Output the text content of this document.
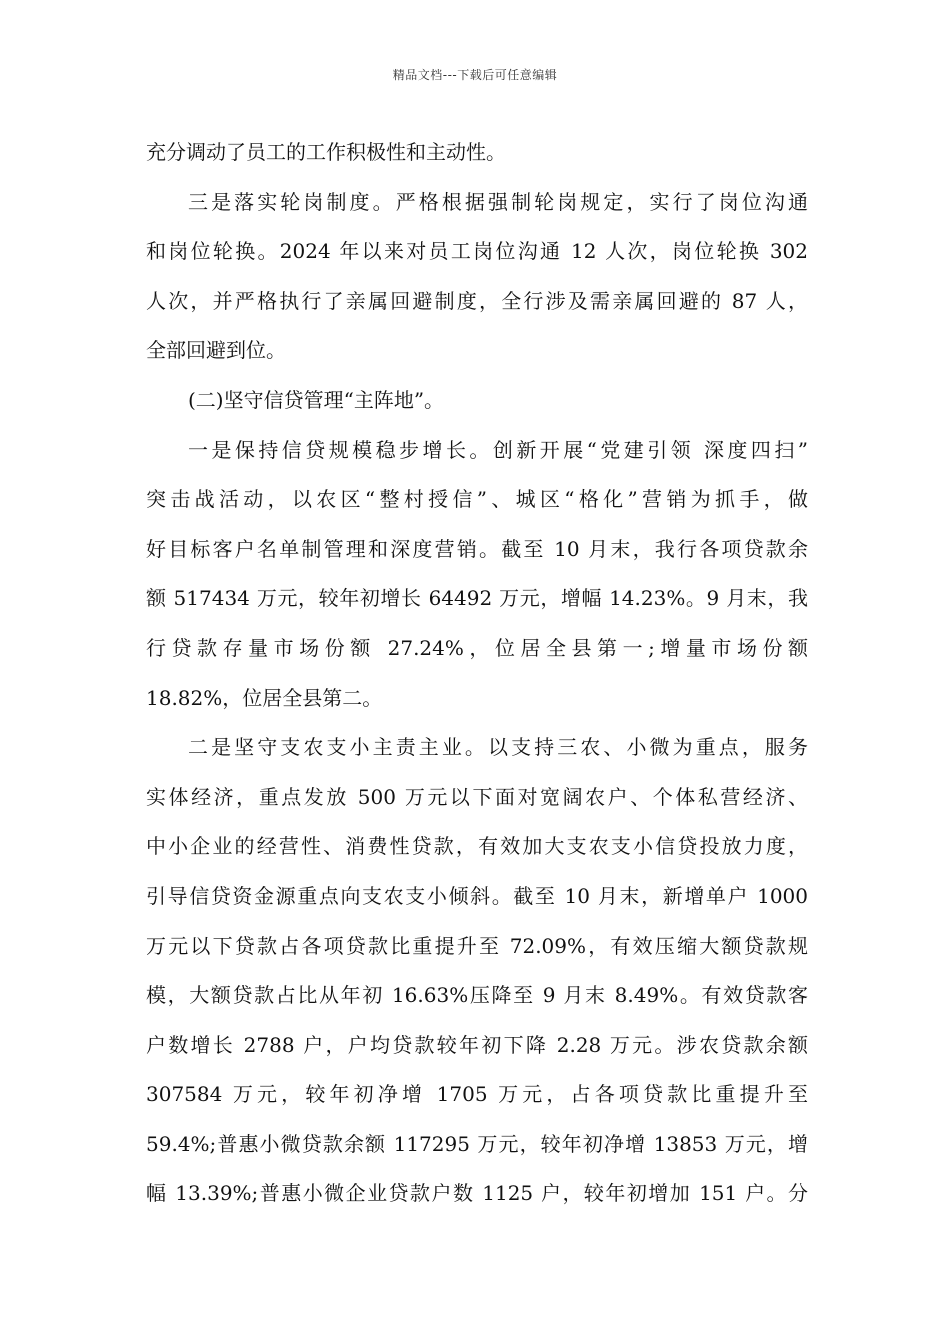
精品文档---下载后可任意编辑
充分调动了员工的工作积极性和主动性。
三是落实轮岗制度。严格根据强制轮岗规定，实行了岗位沟通
和岗位轮换。2024 年以来对员工岗位沟通 12 人次，岗位轮换 302
人次，并严格执行了亲属回避制度，全行涉及需亲属回避的 87 人，
全部回避到位。
(二)坚守信贷管理“主阵地”。
一是保持信贷规模稳步增长。创新开展“党建引领 深度四扫”
突击战活动，以农区“整村授信”、城区“格化”营销为抓手，做
好目标客户名单制管理和深度营销。截至 10 月末，我行各项贷款余
额 517434 万元，较年初增长 64492 万元，增幅 14.23%。9 月末，我
行贷款存量市场份额 27.24%，位居全县第一;增量市场份额
18.82%，位居全县第二。
二是坚守支农支小主责主业。以支持三农、小微为重点，服务
实体经济，重点发放 500 万元以下面对宽阔农户、个体私营经济、
中小企业的经营性、消费性贷款，有效加大支农支小信贷投放力度，
引导信贷资金源重点向支农支小倾斜。截至 10 月末，新增单户 1000
万元以下贷款占各项贷款比重提升至 72.09%，有效压缩大额贷款规
模，大额贷款占比从年初 16.63%压降至 9 月末 8.49%。有效贷款客
户数增长 2788 户，户均贷款较年初下降 2.28 万元。涉农贷款余额
307584 万元，较年初净增 1705 万元，占各项贷款比重提升至
59.4%;普惠小微贷款余额 117295 万元，较年初净增 13853 万元，增
幅 13.39%;普惠小微企业贷款户数 1125 户，较年初增加 151 户。分
